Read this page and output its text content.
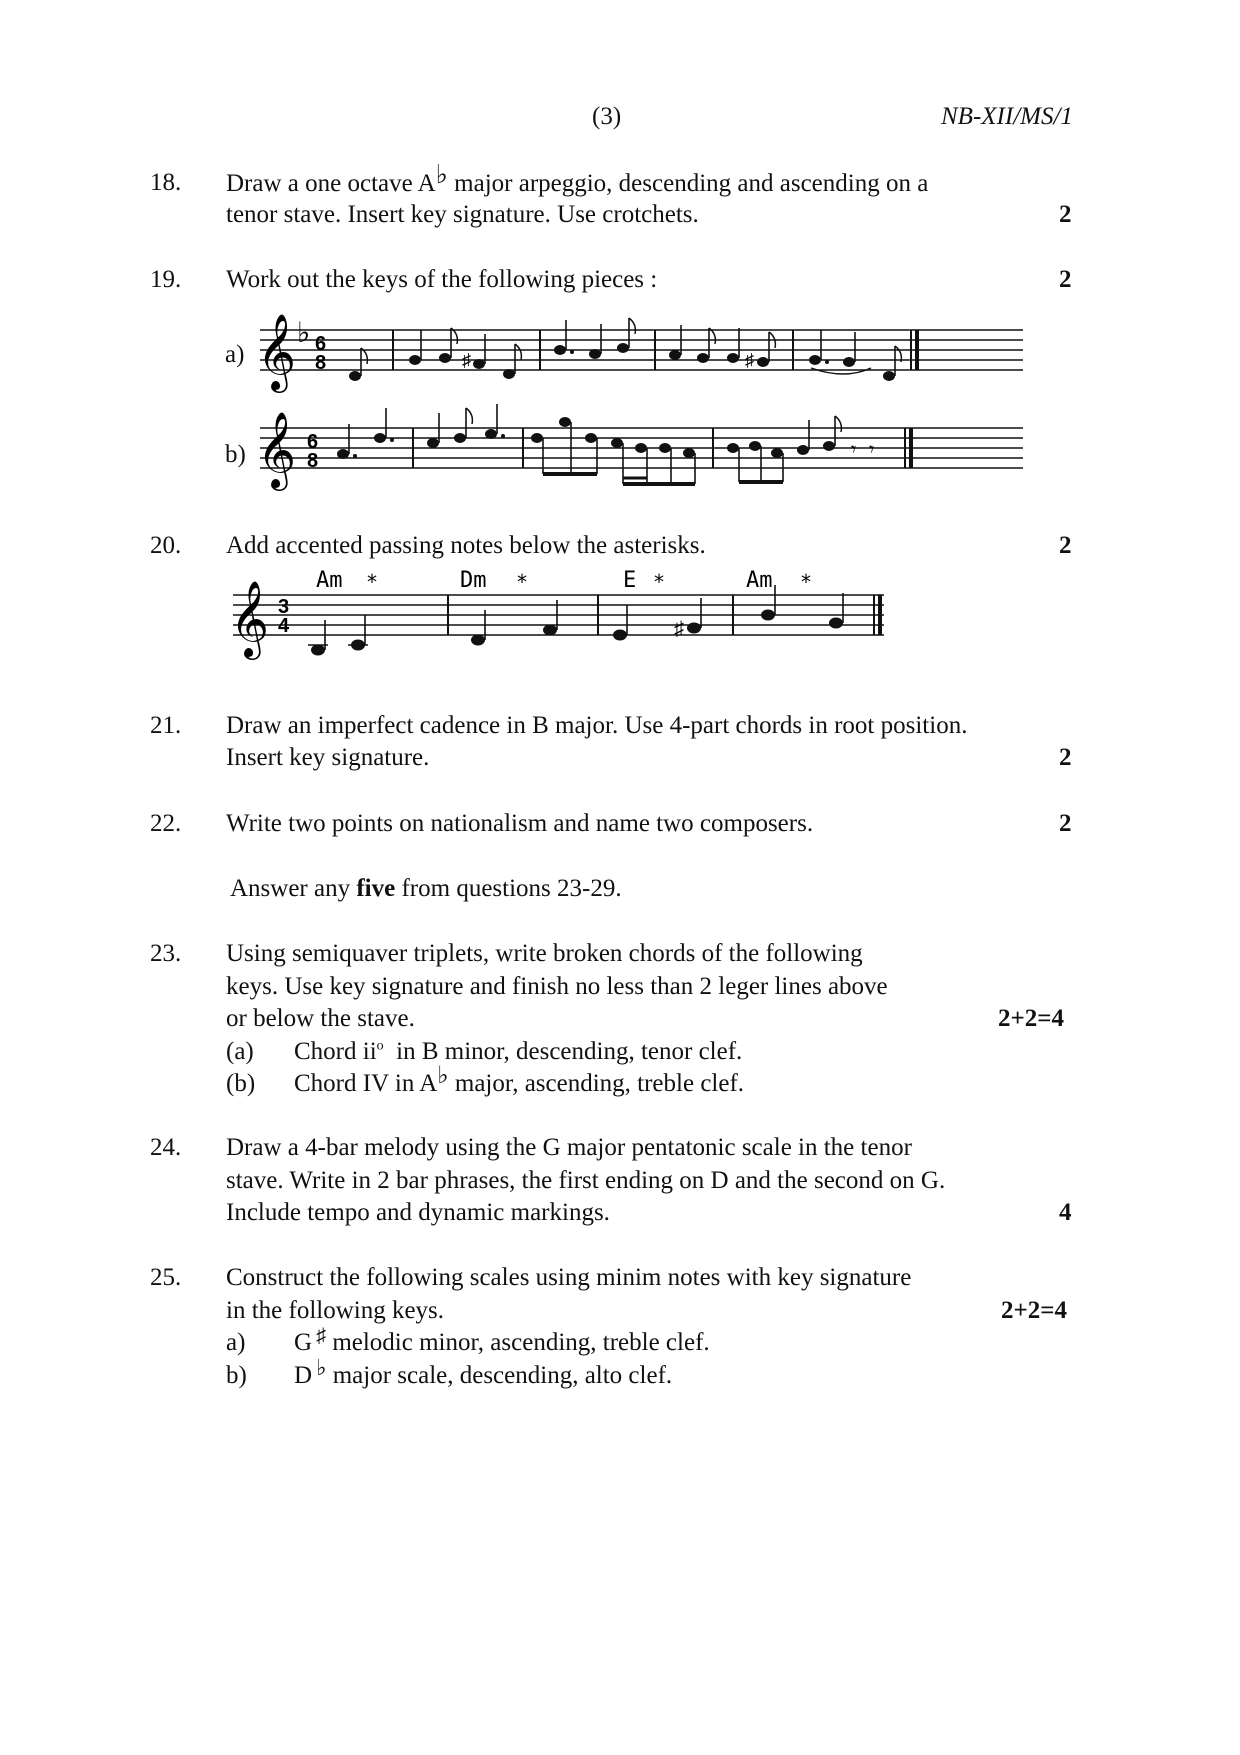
(3)	NB-XII/MS/1
18. Draw a one octave A♭ major arpeggio, descending and ascending on a
tenor stave. Insert key signature. Use crotchets.	2
19. Work out the keys of the following pieces :	2
a) 𝄞 ♭ 6
8	♯	♯
b) 𝄞 6
8	𝄾 𝄾
20. Add accented passing notes below the asterisks.	2
Am *	Dm *	E *	Am *
𝄞 3
4	♯
21. Draw an imperfect cadence in B major. Use 4-part chords in root position.
Insert key signature.	2
22. Write two points on nationalism and name two composers.	2
Answer any five from questions 23-29.
23. Using semiquaver triplets, write broken chords of the following
keys. Use key signature and finish no less than 2 leger lines above
or below the stave.	2+2=4
(a) Chord $ii^o$  in B minor, descending, tenor clef.
(b) Chord IV in A♭ major, ascending, treble clef.
24. Draw a 4-bar melody using the G major pentatonic scale in the tenor
stave. Write in 2 bar phrases, the first ending on D and the second on G.
Include tempo and dynamic markings.	4
25. Construct the following scales using minim notes with key signature
in the following keys.	2+2=4
a) G ♯ melodic minor, ascending, treble clef.
b) D ♭ major scale, descending, alto clef.
